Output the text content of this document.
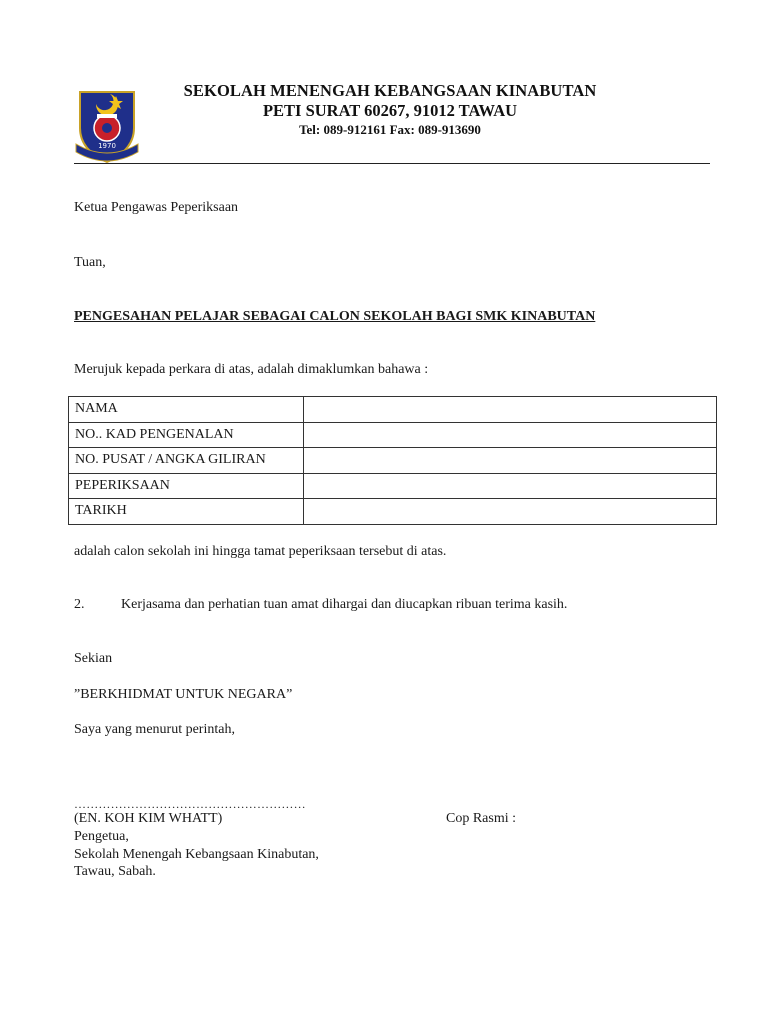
1970
SEKOLAH MENENGAH KEBANGSAAN KINABUTAN
PETI SURAT 60267, 91012 TAWAU
Tel: 089-912161 Fax: 089-913690
Ketua Pengawas Peperiksaan
Tuan,
PENGESAHAN PELAJAR SEBAGAI CALON SEKOLAH BAGI SMK KINABUTAN
Merujuk kepada perkara di atas, adalah dimaklumkan bahawa :
NAMA	
NO.. KAD PENGENALAN	
NO. PUSAT / ANGKA GILIRAN	
PEPERIKSAAN	
TARIKH	
adalah calon sekolah ini hingga tamat peperiksaan tersebut di atas.
2.	Kerjasama dan perhatian tuan amat dihargai dan diucapkan ribuan terima kasih.
Sekian
”BERKHIDMAT UNTUK NEGARA”
Saya yang menurut perintah,
…………………………………………………
(EN. KOH KIM WHATT)
Pengetua,
Sekolah Menengah Kebangsaan Kinabutan,
Tawau, Sabah.
Cop Rasmi :
